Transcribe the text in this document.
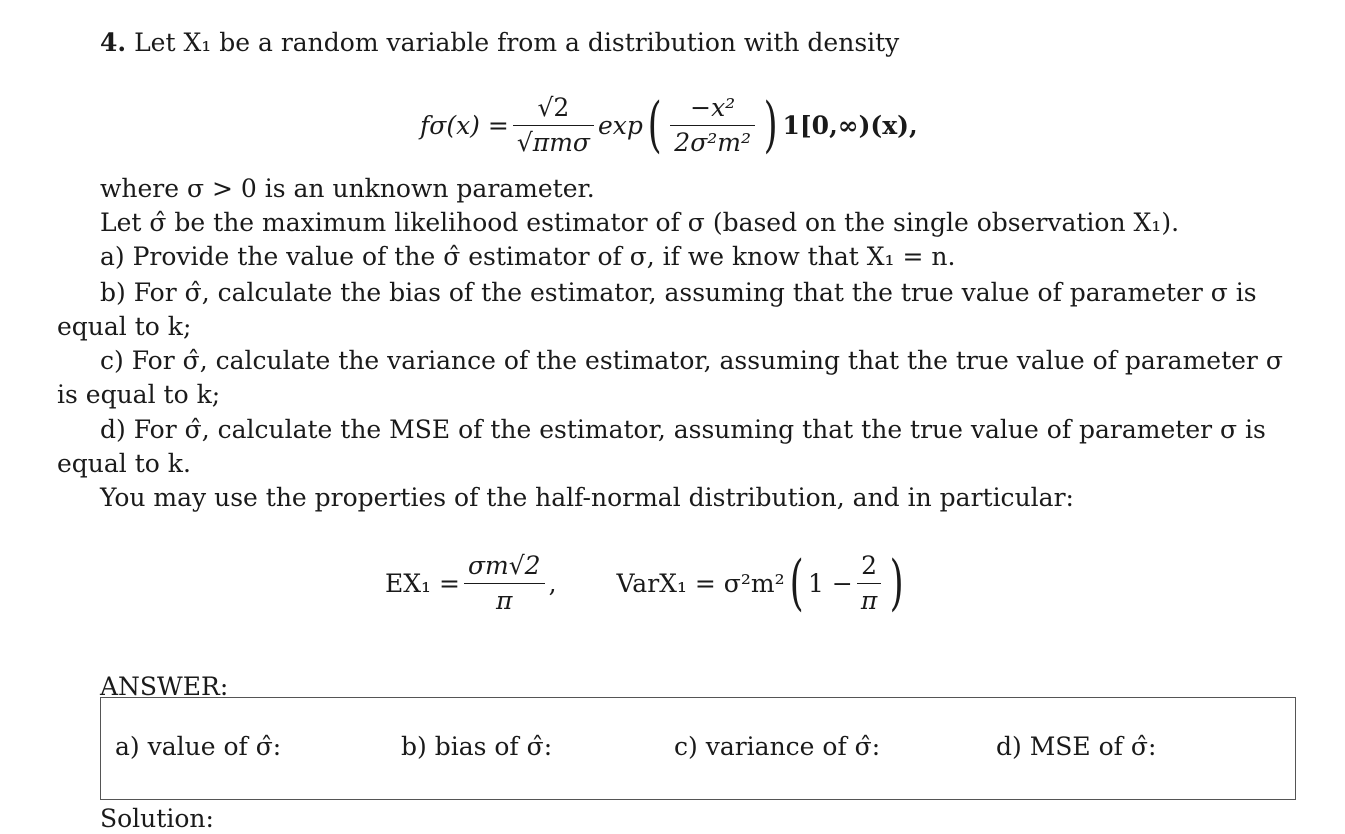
4. Let X₁ be a random variable from a distribution with density
$f\sigma(x) = \frac{√2}{\text{√πmσ}}$ exp ( $\frac{\text{−x²}}{\text{2σ²m²}}$ ) 1[0,∞)(x),
where σ > 0 is an unknown parameter.
Let σ̂ be the maximum likelihood estimator of σ (based on the single observation X₁).
a) Provide the value of the σ̂ estimator of σ, if we know that X₁ = n.
b) For σ̂, calculate the bias of the estimator, assuming that the true value of parameter σ is
equal to k;
c) For σ̂, calculate the variance of the estimator, assuming that the true value of parameter σ
is equal to k;
d) For σ̂, calculate the MSE of the estimator, assuming that the true value of parameter σ is
equal to k.
You may use the properties of the half-normal distribution, and in particular:
$EX_1 = \frac{\sigma m√2}{\pi}$ , VarX₁ = σ²m² ( $1 - \frac{2}{\pi}$ )
ANSWER:
a) value of σ̂:	b) bias of σ̂:	c) variance of σ̂:	d) MSE of σ̂:
Solution:
